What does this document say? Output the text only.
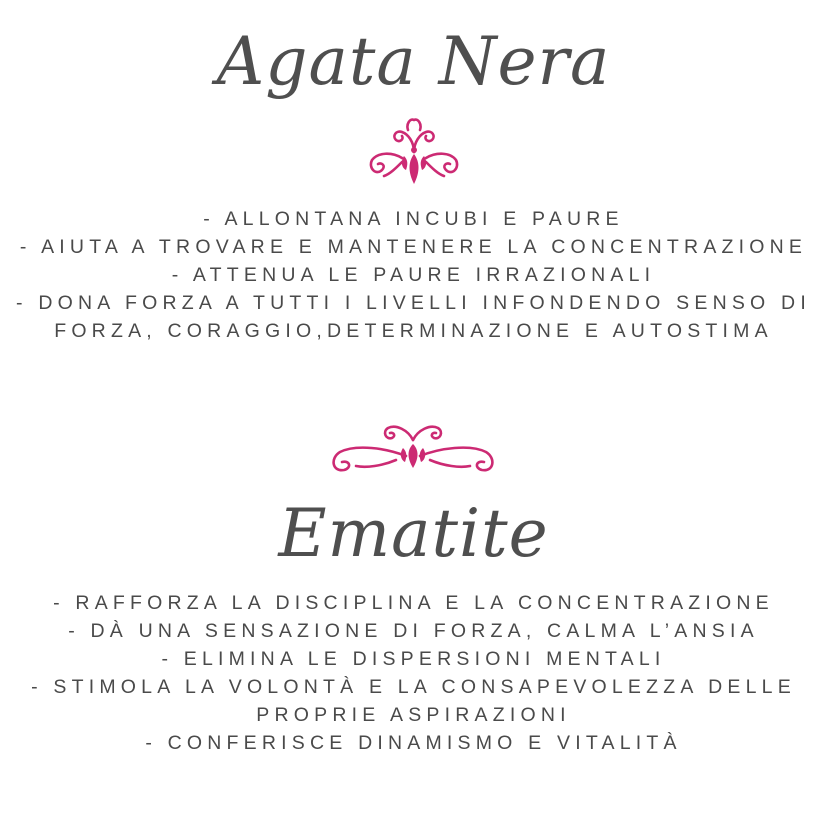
Agata Nera
- ALLONTANA INCUBI E PAURE
- AIUTA A TROVARE E MANTENERE LA CONCENTRAZIONE
- ATTENUA LE PAURE IRRAZIONALI
- DONA FORZA A TUTTI I LIVELLI INFONDENDO SENSO DI FORZA, CORAGGIO,DETERMINAZIONE E AUTOSTIMA
Ematite
- RAFFORZA LA DISCIPLINA E LA CONCENTRAZIONE
- DÀ UNA SENSAZIONE DI FORZA, CALMA L’ANSIA
- ELIMINA LE DISPERSIONI MENTALI
- STIMOLA LA VOLONTÀ E LA CONSAPEVOLEZZA DELLE PROPRIE ASPIRAZIONI
- CONFERISCE DINAMISMO E VITALITÀ
